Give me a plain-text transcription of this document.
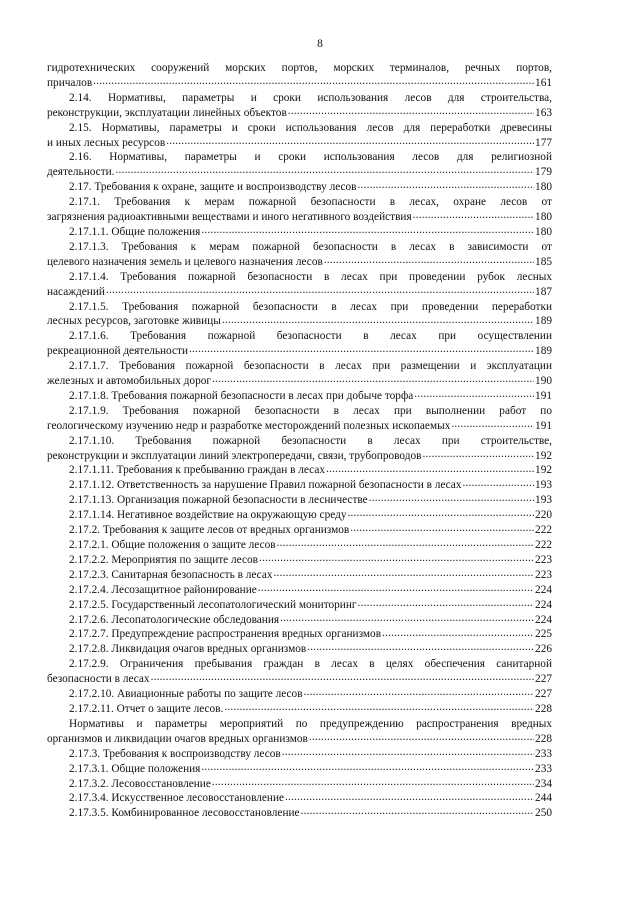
8
гидротехнических сооружений морских портов, морских терминалов, речных портов,
причалов .....	161
2.14. Нормативы, параметры и сроки использования лесов для строительства,
реконструкции, эксплуатации линейных объектов .....	163
2.15. Нормативы, параметры и сроки использования лесов для переработки древесины
и иных лесных ресурсов .....	177
2.16. Нормативы, параметры и сроки использования лесов для религиозной
деятельности. .....	179
2.17. Требования к охране, защите и воспроизводству лесов .....	180
2.17.1. Требования к мерам пожарной безопасности в лесах, охране лесов от
загрязнения радиоактивными веществами и иного негативного воздействия .....	180
2.17.1.1. Общие положения .....	180
2.17.1.3. Требования к мерам пожарной безопасности в лесах в зависимости от
целевого назначения земель и целевого назначения лесов .....	185
2.17.1.4. Требования пожарной безопасности в лесах при проведении рубок лесных
насаждений .....	187
2.17.1.5. Требования пожарной безопасности в лесах при проведении переработки
лесных ресурсов, заготовке живицы .....	189
2.17.1.6. Требования пожарной безопасности в лесах при осуществлении
рекреационной деятельности .....	189
2.17.1.7. Требования пожарной безопасности в лесах при размещении и эксплуатации
железных и автомобильных дорог .....	190
2.17.1.8. Требования пожарной безопасности в лесах при добыче торфа .....	191
2.17.1.9. Требования пожарной безопасности в лесах при выполнении работ по
геологическому изучению недр и разработке месторождений полезных ископаемых .....	191
2.17.1.10. Требования пожарной безопасности в лесах при строительстве,
реконструкции и эксплуатации линий электропередачи, связи, трубопроводов .....	192
2.17.1.11. Требования к пребыванию граждан в лесах .....	192
2.17.1.12. Ответственность за нарушение Правил пожарной безопасности в лесах .....	193
2.17.1.13. Организация пожарной безопасности в лесничестве .....	193
2.17.1.14. Негативное воздействие на окружающую среду .....	220
2.17.2. Требования к защите лесов от вредных организмов .....	222
2.17.2.1. Общие положения о защите лесов .....	222
2.17.2.2. Мероприятия по защите лесов .....	223
2.17.2.3. Санитарная безопасность в лесах .....	223
2.17.2.4. Лесозащитное районирование .....	224
2.17.2.5. Государственный лесопатологический мониторинг .....	224
2.17.2.6. Лесопатологические обследования .....	224
2.17.2.7. Предупреждение распространения вредных организмов .....	225
2.17.2.8. Ликвидация очагов вредных организмов .....	226
2.17.2.9. Ограничения пребывания граждан в лесах в целях обеспечения санитарной
безопасности в лесах .....	227
2.17.2.10. Авиационные работы по защите лесов .....	227
2.17.2.11. Отчет о защите лесов. .....	228
Нормативы и параметры мероприятий по предупреждению распространения вредных
организмов и ликвидации очагов вредных организмов .....	228
2.17.3. Требования к воспроизводству лесов .....	233
2.17.3.1. Общие положения .....	233
2.17.3.2. Лесовосстановление .....	234
2.17.3.4. Искусственное лесовосстановление .....	244
2.17.3.5. Комбинированное лесовосстановление .....	250
